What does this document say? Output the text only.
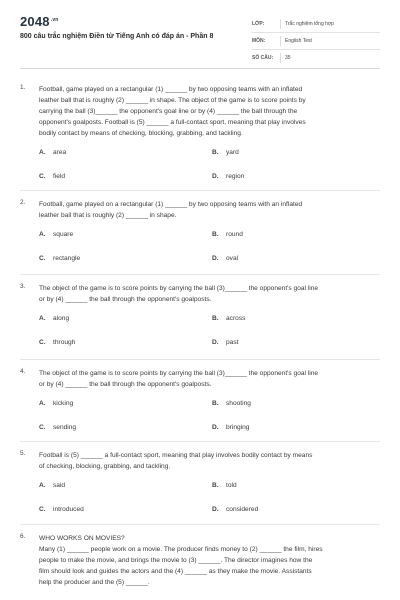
$2048^{.vn}$
800 câu trắc nghiệm Điền từ Tiếng Anh có đáp án - Phần 8
LỚP:	Trắc nghiệm tổng hợp
MÔN:	English Test
SỐ CÂU:	35
1. Football, game played on a rectangular (1) ______ by two opposing teams with an inflated
leather ball that is roughly (2) ______ in shape. The object of the game is to score points by
carrying the ball (3)______ the opponent's goal line or by (4) ______ the ball through the
opponent's goalposts. Football is (5) ______ a full-contact sport, meaning that play involves
bodily contact by means of checking, blocking, grabbing, and tackling.
A.	area	B.	yard
C.	field	D.	region
2. Football, game played on a rectangular (1) ______ by two opposing teams with an inflated
leather ball that is roughly (2) ______ in shape.
A.	square	B.	round
C.	rectangle	D.	oval
3. The object of the game is to score points by carrying the ball (3)______ the opponent's goal line
or by (4) ______ the ball through the opponent's goalposts.
A.	along	B.	across
C.	through	D.	past
4. The object of the game is to score points by carrying the ball (3)______ the opponent's goal line
or by (4) ______ the ball through the opponent's goalposts.
A.	kicking	B.	shooting
C.	sending	D.	bringing
5. Football is (5) ______ a full-contact sport, meaning that play involves bodily contact by means
of checking, blocking, grabbing, and tackling.
A.	said	B.	told
C.	introduced	D.	considered
6. WHO WORKS ON MOVIES?
Many (1) ______ people work on a movie. The producer finds money to (2) ______ the film, hires
people to make the movie, and brings the movie to (3) ______. The director imagines how the
film should look and guides the actors and the (4) ______ as they make the movie. Assistants
help the producer and the (5) ______.
